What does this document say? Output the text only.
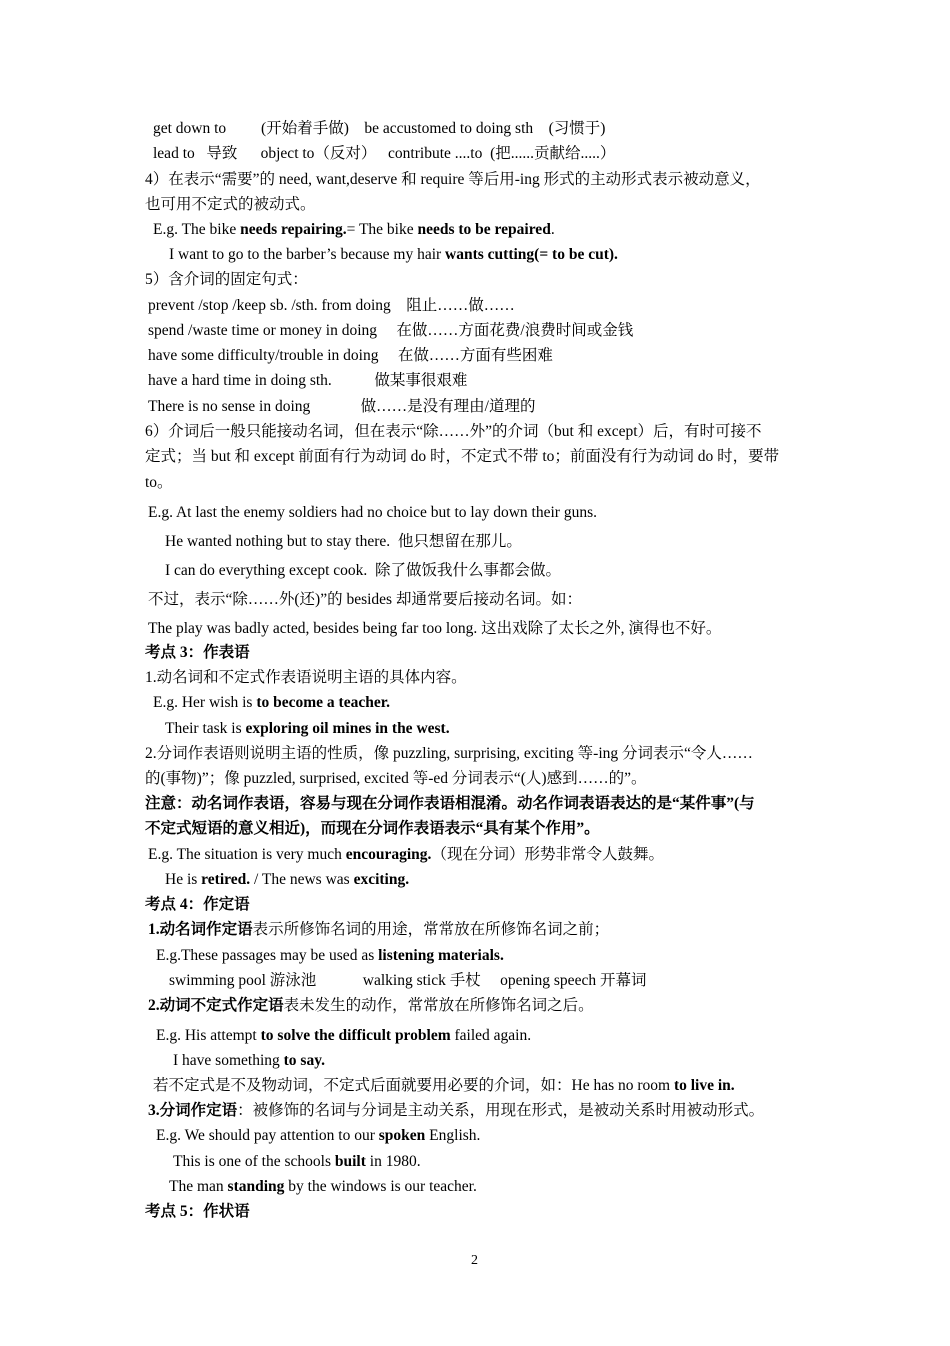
get down to         (开始着手做)    be accustomed to doing sth    (习惯于)
lead to   导致      object to（反对）   contribute ....to  (把......贡献给.....）
4）在表示“需要”的 need, want,deserve 和 require 等后用-ing 形式的主动形式表示被动意义，
也可用不定式的被动式。
E.g. The bike needs repairing.= The bike needs to be repaired.
I want to go to the barber’s because my hair wants cutting(= to be cut).
5）含介词的固定句式：
prevent /stop /keep sb. /sth. from doing    阻止……做……
spend /waste time or money in doing     在做……方面花费/浪费时间或金钱
have some difficulty/trouble in doing     在做……方面有些困难
have a hard time in doing sth.           做某事很艰难
There is no sense in doing             做……是没有理由/道理的
6）介词后一般只能接动名词，但在表示“除……外”的介词（but 和 except）后，有时可接不
定式；当 but 和 except 前面有行为动词 do 时，不定式不带 to；前面没有行为动词 do 时，要带
to。
E.g. At last the enemy soldiers had no choice but to lay down their guns.
He wanted nothing but to stay there.  他只想留在那儿。
I can do everything except cook.  除了做饭我什么事都会做。
不过，表示“除……外(还)”的 besides 却通常要后接动名词。如：
The play was badly acted, besides being far too long. 这出戏除了太长之外, 演得也不好。
考点 3：作表语
1.动名词和不定式作表语说明主语的具体内容。
E.g. Her wish is to become a teacher.
Their task is exploring oil mines in the west.
2.分词作表语则说明主语的性质，像 puzzling, surprising, exciting 等-ing 分词表示“令人……
的(事物)”；像 puzzled, surprised, excited 等-ed 分词表示“(人)感到……的”。
注意：动名词作表语，容易与现在分词作表语相混淆。动名作词表语表达的是“某件事”(与
不定式短语的意义相近)，而现在分词作表语表示“具有某个作用”。
E.g. The situation is very much encouraging.（现在分词）形势非常令人鼓舞。
He is retired. / The news was exciting.
考点 4：作定语
1.动名词作定语表示所修饰名词的用途，常常放在所修饰名词之前；
E.g.These passages may be used as listening materials.
swimming pool 游泳池            walking stick 手杖     opening speech 开幕词
2.动词不定式作定语表未发生的动作，常常放在所修饰名词之后。
E.g. His attempt to solve the difficult problem failed again.
I have something to say.
若不定式是不及物动词，不定式后面就要用必要的介词，如：He has no room to live in.
3.分词作定语：被修饰的名词与分词是主动关系，用现在形式，是被动关系时用被动形式。
E.g. We should pay attention to our spoken English.
This is one of the schools built in 1980.
The man standing by the windows is our teacher.
考点 5：作状语
2
